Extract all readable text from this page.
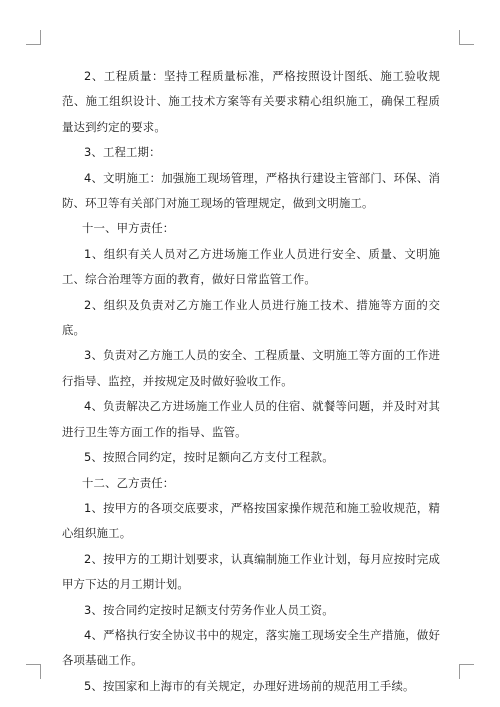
2、工程质量：坚持工程质量标准，严格按照设计图纸、施工验收规范、施工组织设计、施工技术方案等有关要求精心组织施工，确保工程质量达到约定的要求。

3、工程工期：

4、文明施工：加强施工现场管理，严格执行建设主管部门、环保、消防、环卫等有关部门对施工现场的管理规定，做到文明施工。

十一、甲方责任：

1、组织有关人员对乙方进场施工作业人员进行安全、质量、文明施工、综合治理等方面的教育，做好日常监管工作。

2、组织及负责对乙方施工作业人员进行施工技术、措施等方面的交底。

3、负责对乙方施工人员的安全、工程质量、文明施工等方面的工作进行指导、监控，并按规定及时做好验收工作。

4、负责解决乙方进场施工作业人员的住宿、就餐等问题，并及时对其进行卫生等方面工作的指导、监管。

5、按照合同约定，按时足额向乙方支付工程款。

十二、乙方责任：

1、按甲方的各项交底要求，严格按国家操作规范和施工验收规范，精心组织施工。

2、按甲方的工期计划要求，认真编制施工作业计划，每月应按时完成甲方下达的月工期计划。

3、按合同约定按时足额支付劳务作业人员工资。

4、严格执行安全协议书中的规定，落实施工现场安全生产措施，做好各项基础工作。

5、按国家和上海市的有关规定，办理好进场前的规范用工手续。
